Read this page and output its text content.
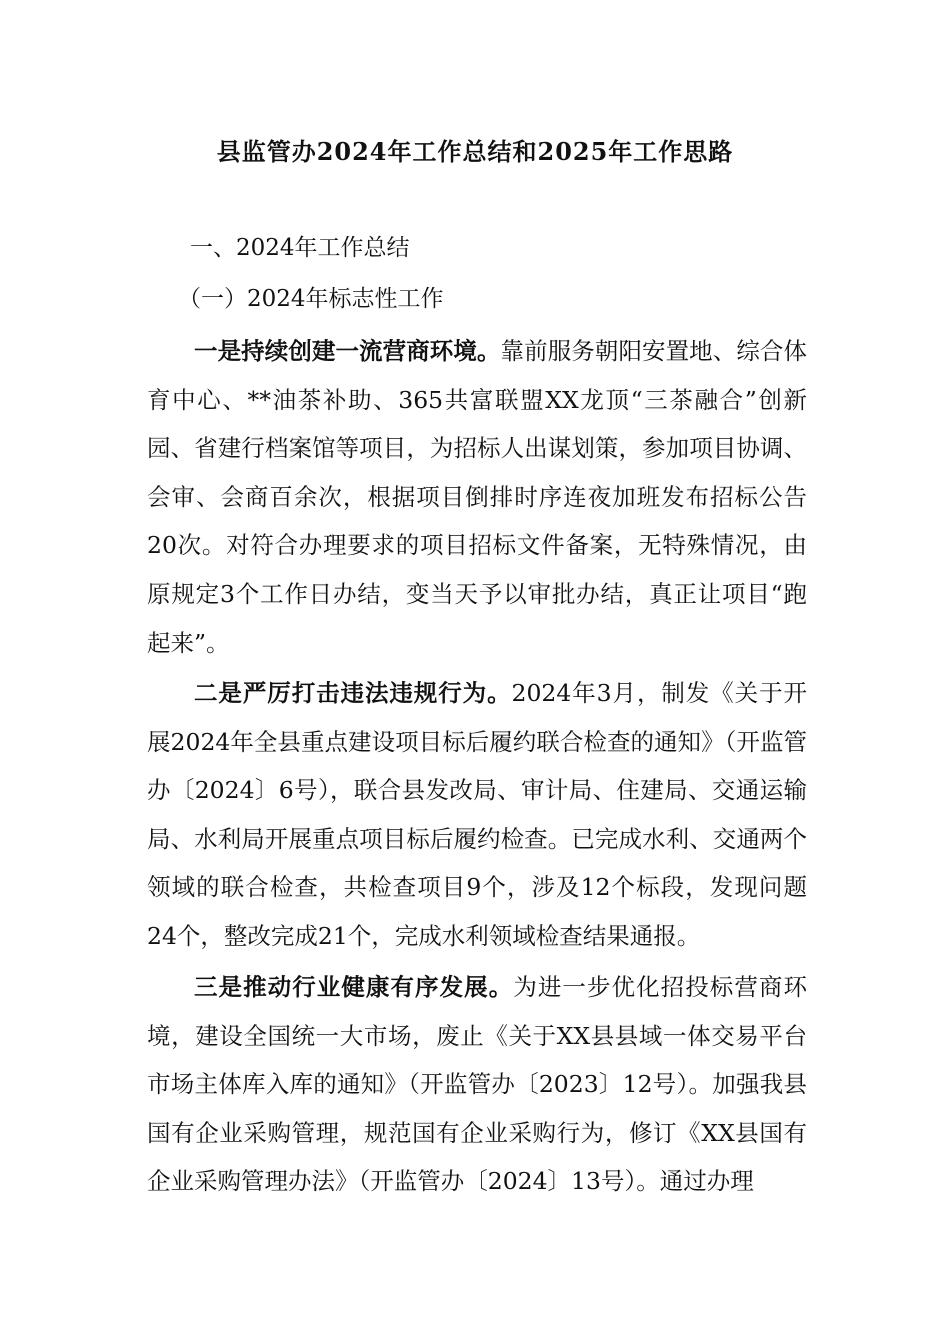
县监管办2024年工作总结和2025年工作思路
一、2024年工作总结
（一）2024年标志性工作

一是持续创建一流营商环境。靠前服务朝阳安置地、综合体育中心、**油茶补助、365共富联盟XX龙顶“三茶融合”创新园、省建行档案馆等项目，为招标人出谋划策，参加项目协调、会审、会商百余次，根据项目倒排时序连夜加班发布招标公告20次。对符合办理要求的项目招标文件备案，无特殊情况，由原规定3个工作日办结，变当天予以审批办结，真正让项目“跑起来”。

二是严厉打击违法违规行为。2024年3月，制发《关于开展2024年全县重点建设项目标后履约联合检查的通知》（开监管办〔2024〕6号），联合县发改局、审计局、住建局、交通运输局、水利局开展重点项目标后履约检查。已完成水利、交通两个领域的联合检查，共检查项目9个，涉及12个标段，发现问题24个，整改完成21个，完成水利领域检查结果通报。

三是推动行业健康有序发展。为进一步优化招投标营商环境，建设全国统一大市场，废止《关于XX县县域一体交易平台市场主体库入库的通知》（开监管办〔2023〕12号）。加强我县国有企业采购管理，规范国有企业采购行为，修订《XX县国有企业采购管理办法》（开监管办〔2024〕13号）。通过办理
